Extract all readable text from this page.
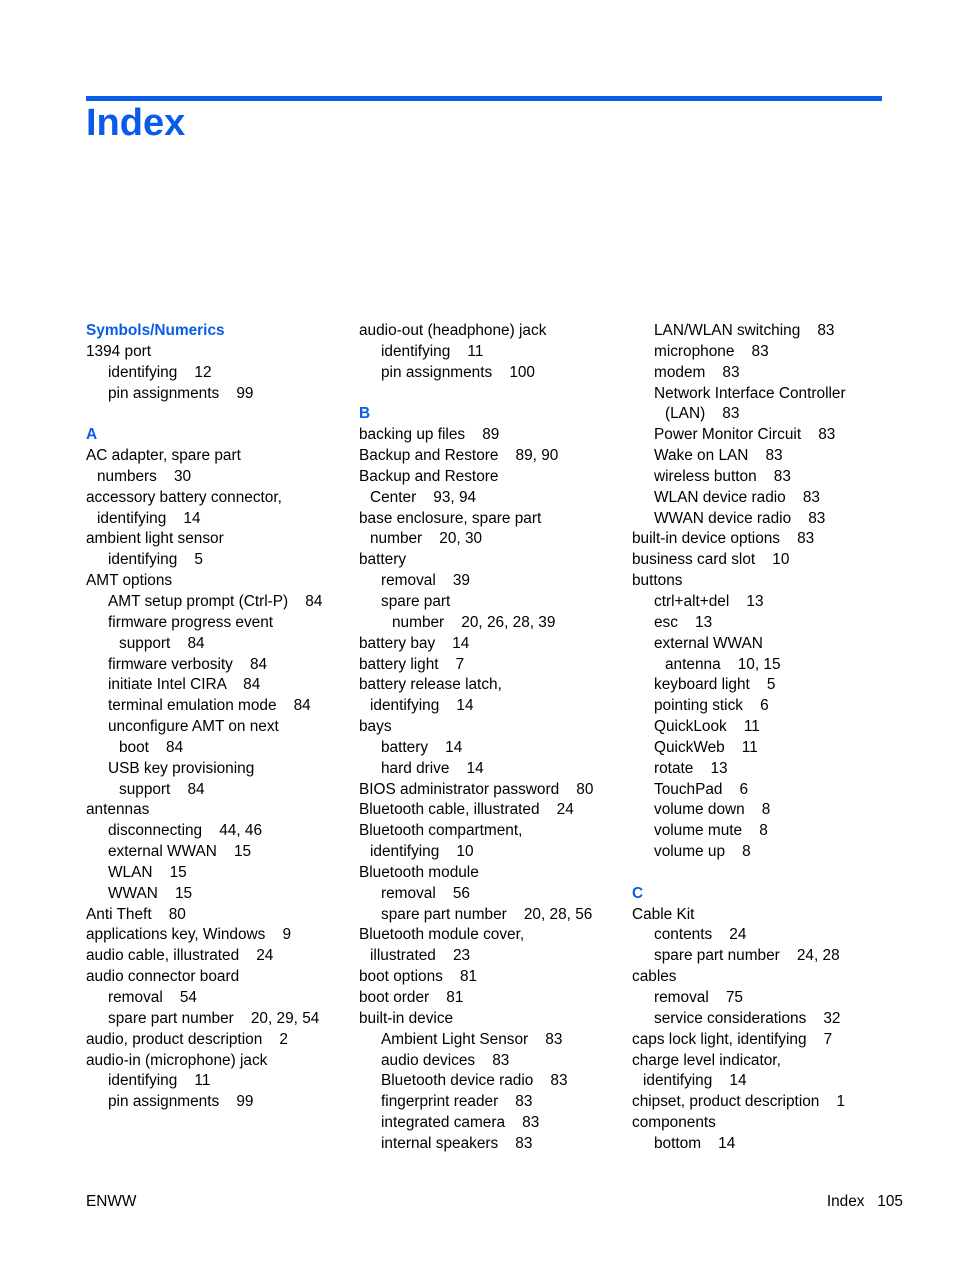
Index
Symbols/Numerics
1394 port
identifying    12
pin assignments    99
A
AC adapter, spare part
numbers    30
accessory battery connector,
identifying    14
ambient light sensor
identifying    5
AMT options
AMT setup prompt (Ctrl-P)    84
firmware progress event
support    84
firmware verbosity    84
initiate Intel CIRA    84
terminal emulation mode    84
unconfigure AMT on next
boot    84
USB key provisioning
support    84
antennas
disconnecting    44, 46
external WWAN    15
WLAN    15
WWAN    15
Anti Theft    80
applications key, Windows    9
audio cable, illustrated    24
audio connector board
removal    54
spare part number    20, 29, 54
audio, product description    2
audio-in (microphone) jack
identifying    11
pin assignments    99
audio-out (headphone) jack
identifying    11
pin assignments    100
B
backing up files    89
Backup and Restore    89, 90
Backup and Restore
Center    93, 94
base enclosure, spare part
number    20, 30
battery
removal    39
spare part
number    20, 26, 28, 39
battery bay    14
battery light    7
battery release latch,
identifying    14
bays
battery    14
hard drive    14
BIOS administrator password    80
Bluetooth cable, illustrated    24
Bluetooth compartment,
identifying    10
Bluetooth module
removal    56
spare part number    20, 28, 56
Bluetooth module cover,
illustrated    23
boot options    81
boot order    81
built-in device
Ambient Light Sensor    83
audio devices    83
Bluetooth device radio    83
fingerprint reader    83
integrated camera    83
internal speakers    83
LAN/WLAN switching    83
microphone    83
modem    83
Network Interface Controller
(LAN)    83
Power Monitor Circuit    83
Wake on LAN    83
wireless button    83
WLAN device radio    83
WWAN device radio    83
built-in device options    83
business card slot    10
buttons
ctrl+alt+del    13
esc    13
external WWAN
antenna    10, 15
keyboard light    5
pointing stick    6
QuickLook    11
QuickWeb    11
rotate    13
TouchPad    6
volume down    8
volume mute    8
volume up    8
C
Cable Kit
contents    24
spare part number    24, 28
cables
removal    75
service considerations    32
caps lock light, identifying    7
charge level indicator,
identifying    14
chipset, product description    1
components
bottom    14
ENWW	Index   105
